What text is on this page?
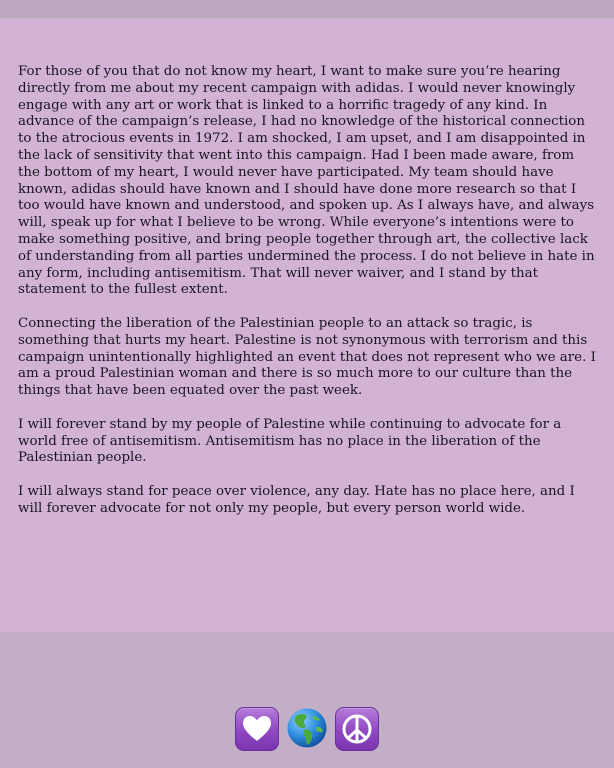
For those of you that do not know my heart, I want to make sure you’re hearing directly from me about my recent campaign with adidas. I would never knowingly engage with any art or work that is linked to a horrific tragedy of any kind. In advance of the campaign’s release, I had no knowledge of the historical connection to the atrocious events in 1972. I am shocked, I am upset, and I am disappointed in the lack of sensitivity that went into this campaign. Had I been made aware, from the bottom of my heart, I would never have participated. My team should have known, adidas should have known and I should have done more research so that I too would have known and understood, and spoken up. As I always have, and always will, speak up for what I believe to be wrong. While everyone’s intentions were to make something positive, and bring people together through art, the collective lack of understanding from all parties undermined the process. I do not believe in hate in any form, including antisemitism. That will never waiver, and I stand by that statement to the fullest extent.

Connecting the liberation of the Palestinian people to an attack so tragic, is something that hurts my heart. Palestine is not synonymous with terrorism and this campaign unintentionally highlighted an event that does not represent who we are. I am a proud Palestinian woman and there is so much more to our culture than the things that have been equated over the past week.

I will forever stand by my people of Palestine while continuing to advocate for a world free of antisemitism. Antisemitism has no place in the liberation of the Palestinian people.

I will always stand for peace over violence, any day. Hate has no place here, and I will forever advocate for not only my people, but every person world wide.
